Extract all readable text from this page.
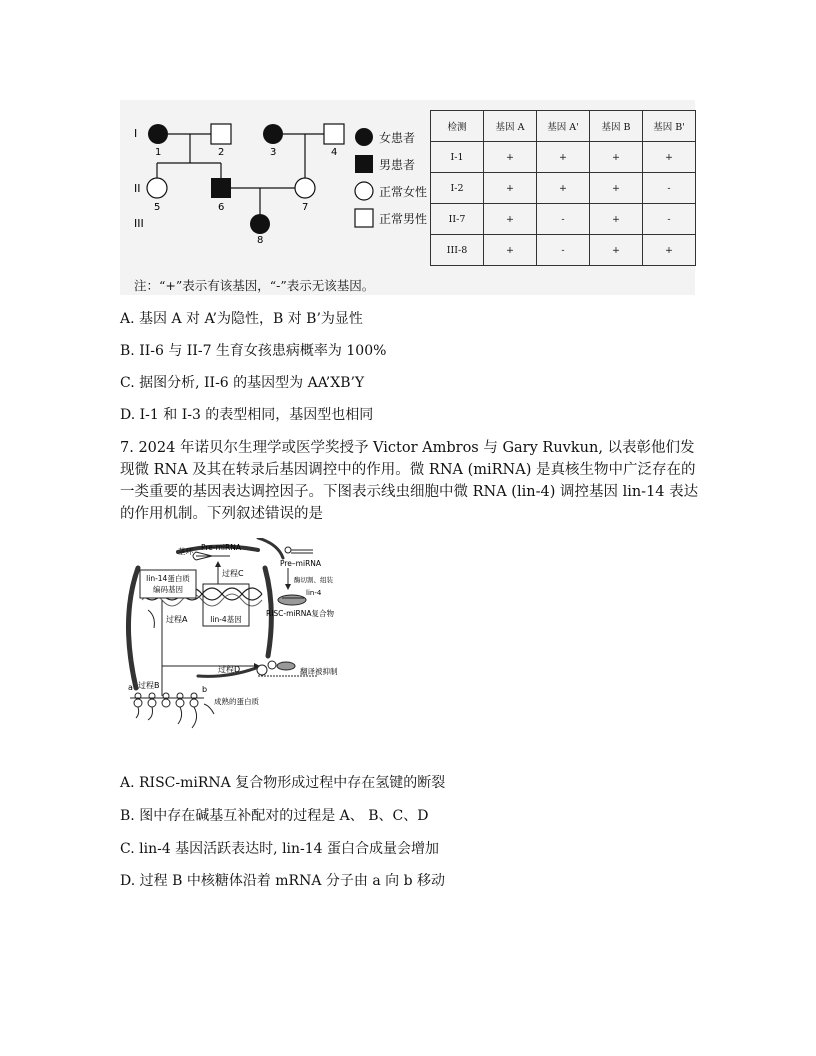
I
II
III
1	2	3	4
5	6	7
8
女患者
男患者
正常女性
正常男性
检测	基因 A	基因 A'	基因 B	基因 B'
I-1	+	+	+	+
I-2	+	+	+	-
II-7	+	-	+	-
III-8	+	-	+	+
注：“+”表示有该基因，“-”表示无该基因。
A. 基因 A 对 A’为隐性，B 对 B’为显性
B. II-6 与 II-7 生育女孩患病概率为 100%
C. 据图分析, II-6 的基因型为 AA’XB’Y
D. I-1 和 I-3 的表型相同，基因型也相同
7. 2024 年诺贝尔生理学或医学奖授予 Victor Ambros 与 Gary Ruvkun, 以表彰他们发现微 RNA 及其在转录后基因调控中的作用。微 RNA (miRNA) 是真核生物中广泛存在的一类重要的基因表达调控因子。下图表示线虫细胞中微 RNA (lin-4) 调控基因 lin-14 表达的作用机制。下列叙述错误的是
lin-14蛋白质
编码基因
lin-4基因
过程C
茎环 Pre-miRNA
Pre–miRNA
酶切割、组装
lin-4
RISC-miRNA复合物
过程A
过程D	翻译被抑制
a 过程B	b
成熟的蛋白质
A. RISC-miRNA 复合物形成过程中存在氢键的断裂
B. 图中存在碱基互补配对的过程是 A、 B、C、D
C. lin-4 基因活跃表达时, lin-14 蛋白合成量会增加
D. 过程 B 中核糖体沿着 mRNA 分子由 a 向 b 移动
